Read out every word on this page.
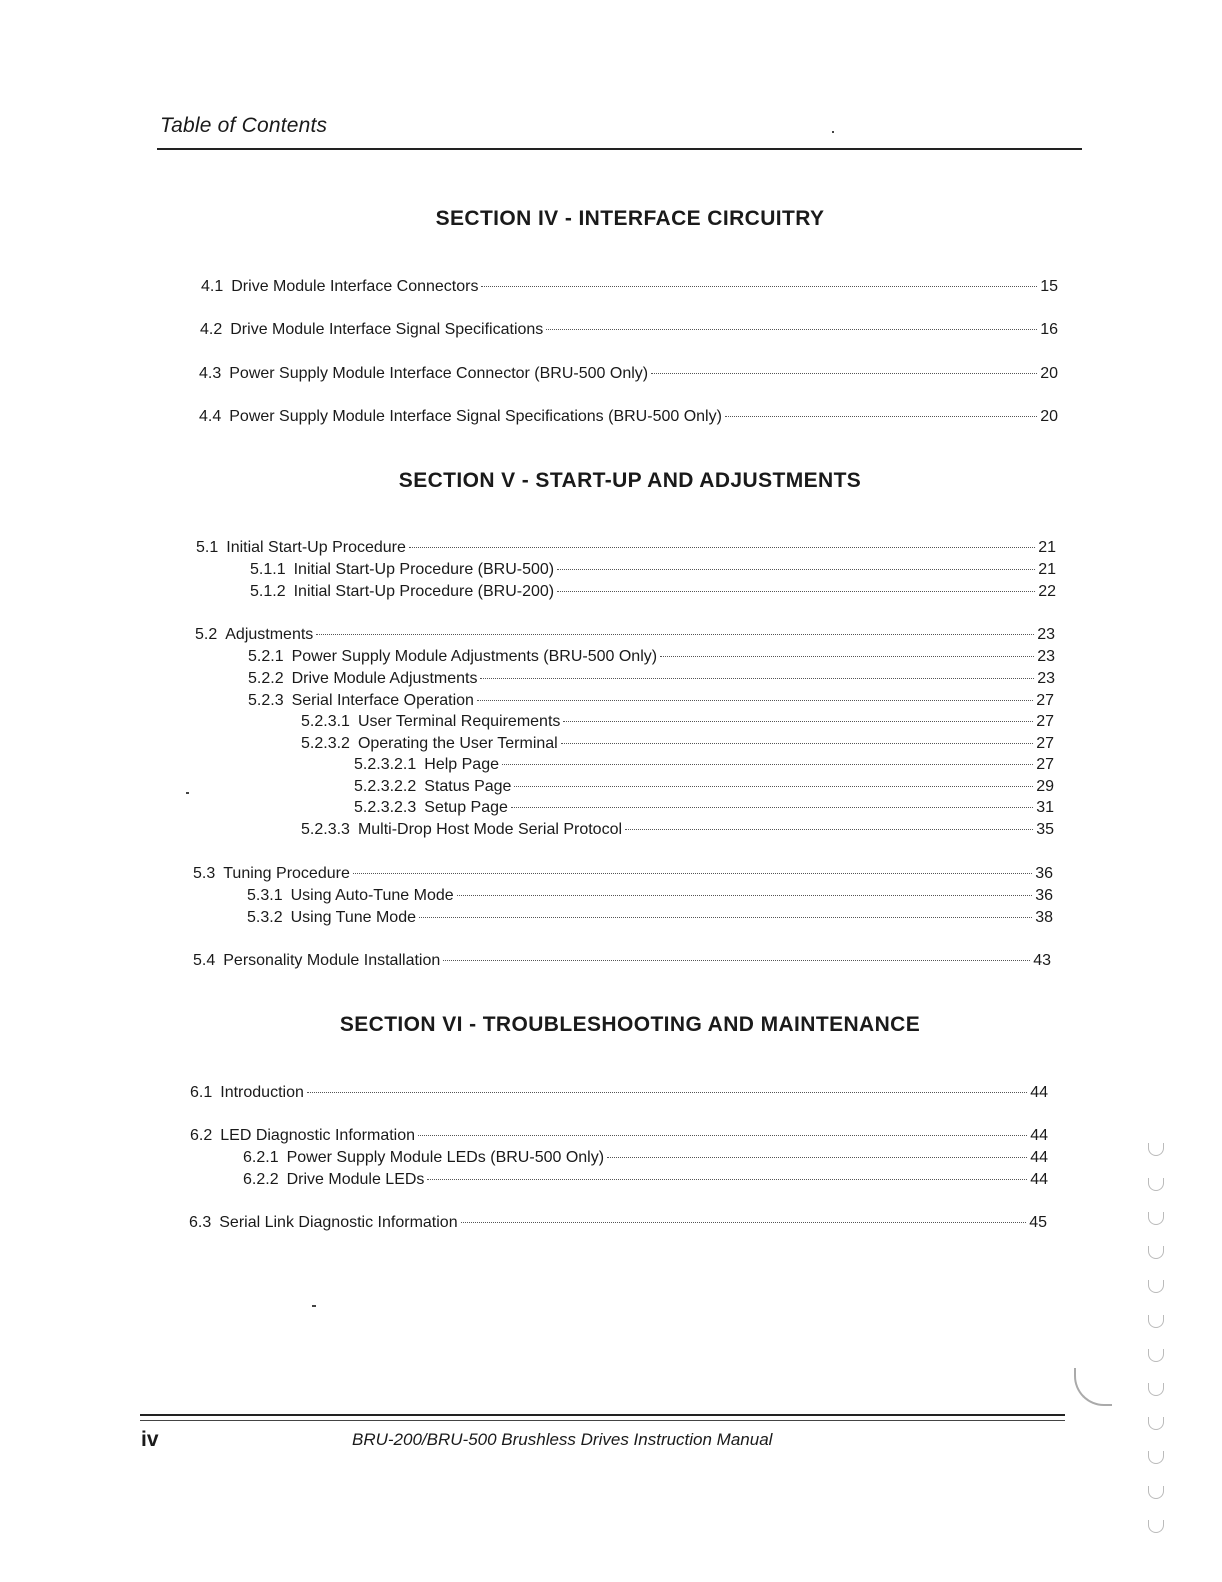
Table of Contents
SECTION IV - INTERFACE CIRCUITRY
4.1 Drive Module Interface Connectors	15
4.2 Drive Module Interface Signal Specifications	16
4.3 Power Supply Module Interface Connector (BRU-500 Only)	20
4.4 Power Supply Module Interface Signal Specifications (BRU-500 Only)	20
SECTION V - START-UP AND ADJUSTMENTS
5.1 Initial Start-Up Procedure	21
5.1.1 Initial Start-Up Procedure (BRU-500)	21
5.1.2 Initial Start-Up Procedure (BRU-200)	22
5.2 Adjustments	23
5.2.1 Power Supply Module Adjustments (BRU-500 Only)	23
5.2.2 Drive Module Adjustments	23
5.2.3 Serial Interface Operation	27
5.2.3.1 User Terminal Requirements	27
5.2.3.2 Operating the User Terminal	27
5.2.3.2.1 Help Page	27
5.2.3.2.2 Status Page	29
5.2.3.2.3 Setup Page	31
5.2.3.3 Multi-Drop Host Mode Serial Protocol	35
5.3 Tuning Procedure	36
5.3.1 Using Auto-Tune Mode	36
5.3.2 Using Tune Mode	38
5.4 Personality Module Installation	43
SECTION VI - TROUBLESHOOTING AND MAINTENANCE
6.1 Introduction	44
6.2 LED Diagnostic Information	44
6.2.1 Power Supply Module LEDs (BRU-500 Only)	44
6.2.2 Drive Module LEDs	44
6.3 Serial Link Diagnostic Information	45
iv	BRU-200/BRU-500 Brushless Drives Instruction Manual
